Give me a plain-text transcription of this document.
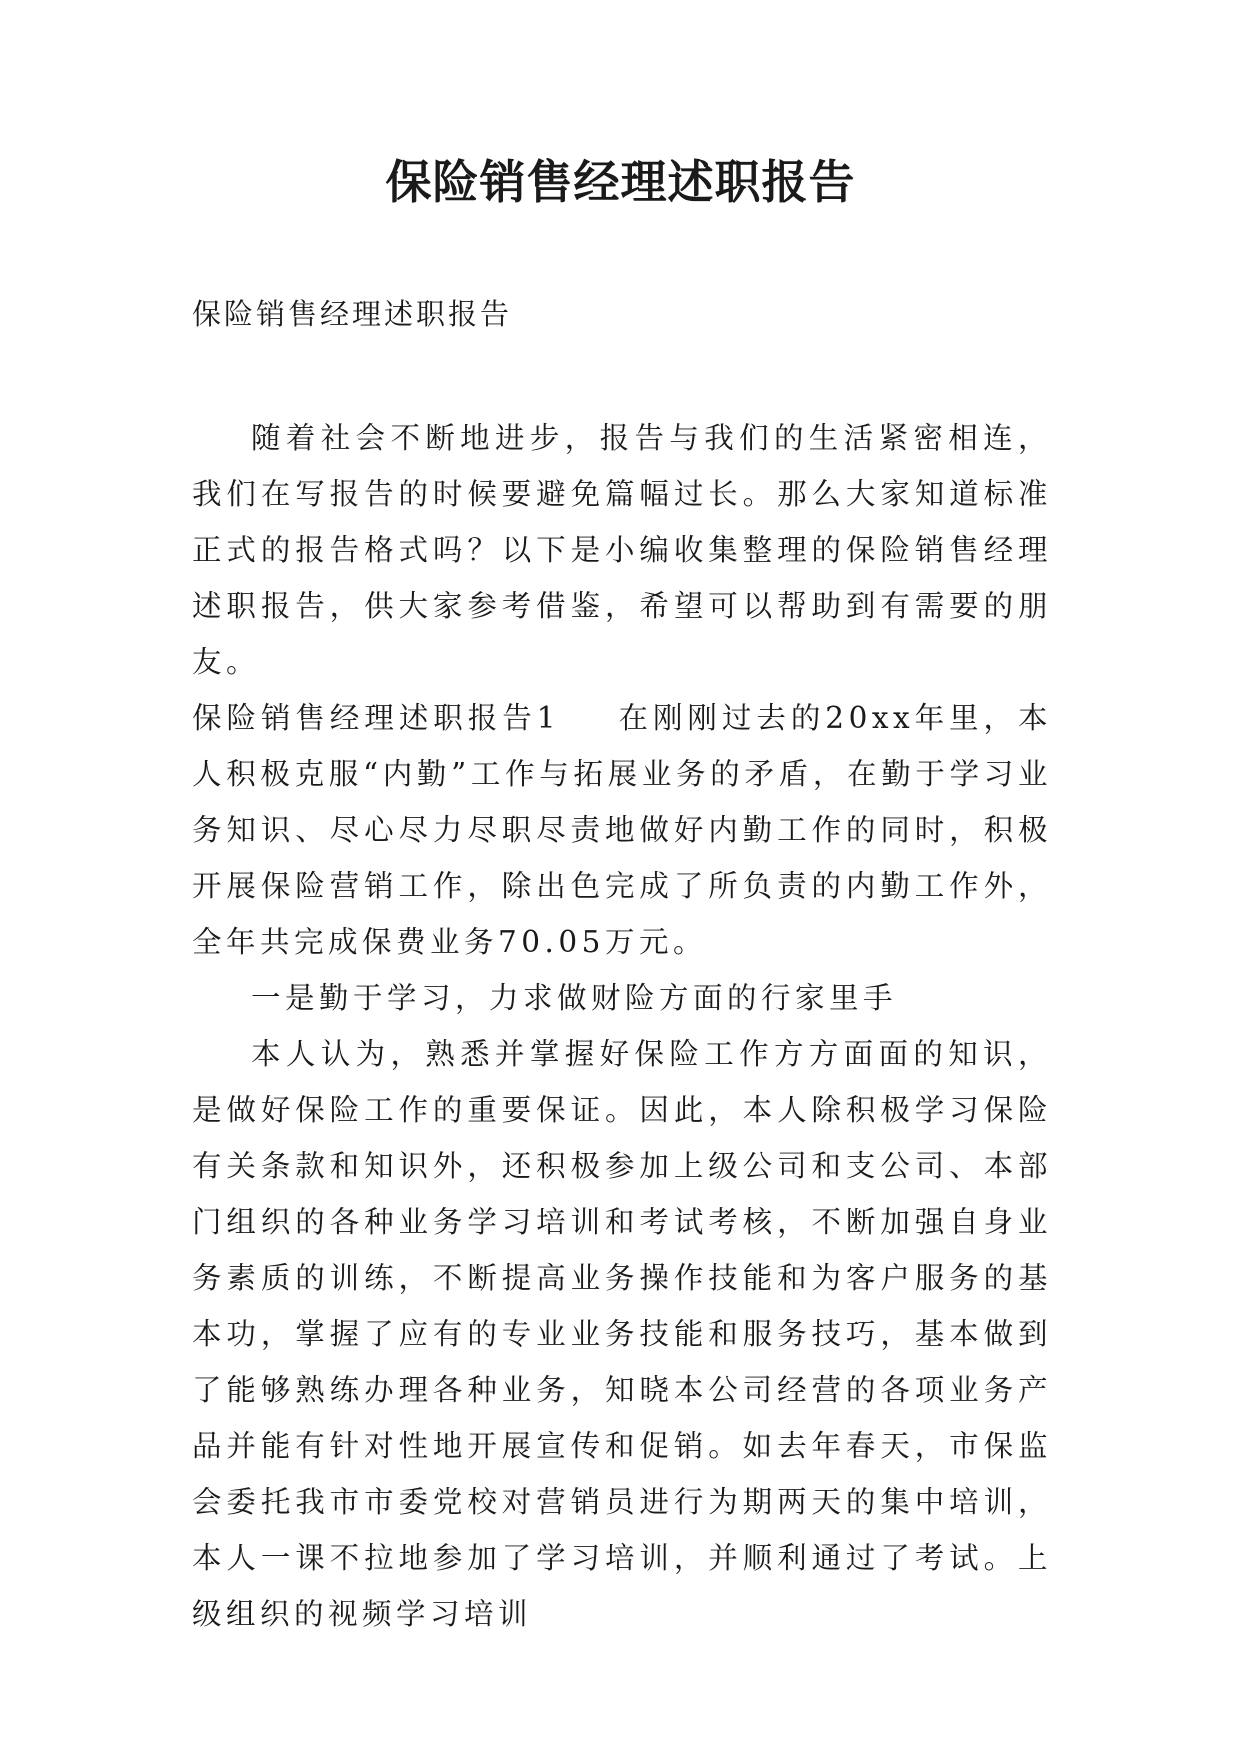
保险销售经理述职报告

保险销售经理述职报告

随着社会不断地进步，报告与我们的生活紧密相连，我们在写报告的时候要避免篇幅过长。那么大家知道标准正式的报告格式吗？以下是小编收集整理的保险销售经理述职报告，供大家参考借鉴，希望可以帮助到有需要的朋友。

保险销售经理述职报告1 在刚刚过去的20xx年里，本人积极克服“内勤”工作与拓展业务的矛盾，在勤于学习业务知识、尽心尽力尽职尽责地做好内勤工作的同时，积极开展保险营销工作，除出色完成了所负责的内勤工作外，全年共完成保费业务70.05万元。

一是勤于学习，力求做财险方面的行家里手

本人认为，熟悉并掌握好保险工作方方面面的知识，是做好保险工作的重要保证。因此，本人除积极学习保险有关条款和知识外，还积极参加上级公司和支公司、本部门组织的各种业务学习培训和考试考核，不断加强自身业务素质的训练，不断提高业务操作技能和为客户服务的基本功，掌握了应有的专业业务技能和服务技巧，基本做到了能够熟练办理各种业务，知晓本公司经营的各项业务产品并能有针对性地开展宣传和促销。如去年春天，市保监会委托我市市委党校对营销员进行为期两天的集中培训，本人一课不拉地参加了学习培训，并顺利通过了考试。上级组织的视频学习培训
